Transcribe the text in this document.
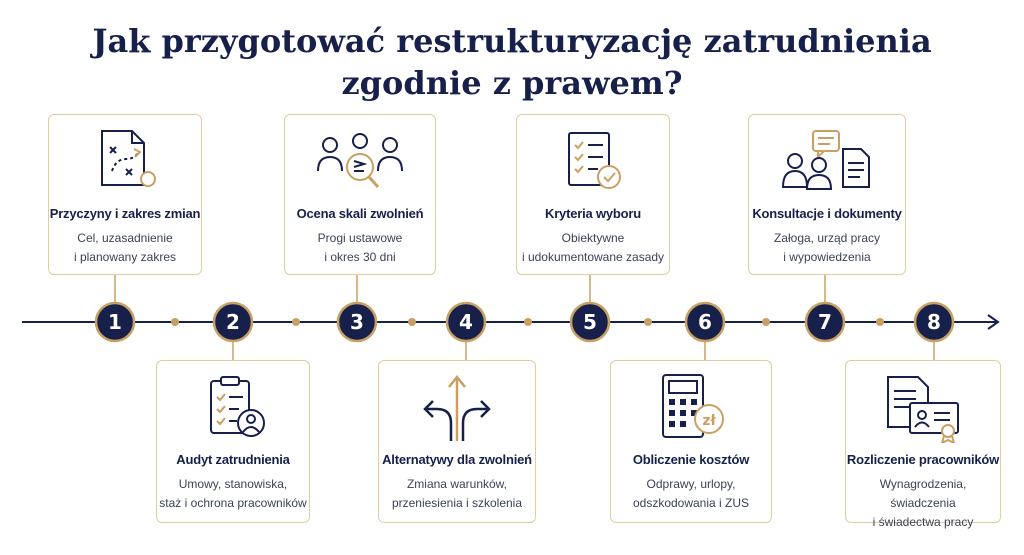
Jak przygotować restrukturyzację zatrudnienia
zgodnie z prawem?
1	2	3	4	5	6	7	8
Przyczyny i zakres zmian
Cel, uzasadnienie
i planowany zakres
Ocena skali zwolnień
Progi ustawowe
i okres 30 dni
Kryteria wyboru
Obiektywne
i udokumentowane zasady
Konsultacje i dokumenty
Załoga, urząd pracy
i wypowiedzenia
Audyt zatrudnienia
Umowy, stanowiska,
staż i ochrona pracowników
Alternatywy dla zwolnień
Zmiana warunków,
przeniesienia i szkolenia
zł
Obliczenie kosztów
Odprawy, urlopy,
odszkodowania i ZUS
Rozliczenie pracowników
Wynagrodzenia, świadczenia
i świadectwa pracy
